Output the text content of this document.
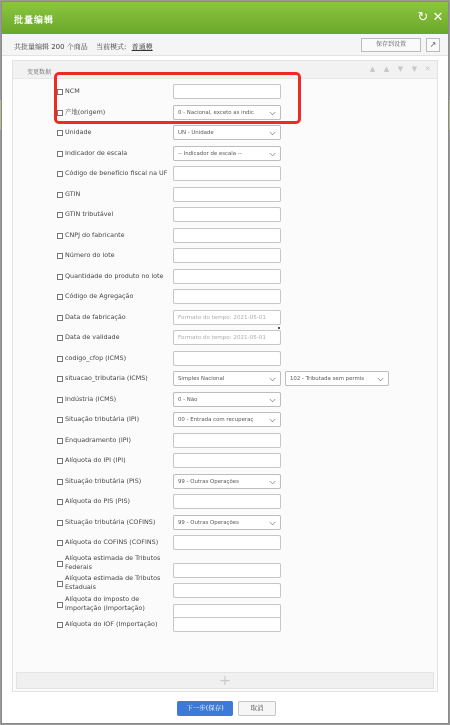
批量编辑	↻ ✕
共批量编辑 200 个商品 当前模式: 普通模	保存到设置	↗
变更数据	▲ ▲ ▼ ▼ ✕
NCM
产地(origem)	0 - Nacional, exceto as indic	⌵
Unidade	UN - Unidade	⌵
Indicador de escala	-- Indicador de escala --	⌵
Código de benefício fiscal na UF
GTIN
GTIN tributável
CNPJ do fabricante
Número do lote
Quantidade do produto no lote
Código de Agregação
Data de fabricação	Formato do tempo: 2021-05-01
Data de validade	Formato do tempo: 2021-05-01
codigo_cfop (ICMS)
situacao_tributaria (ICMS)	Simples Nacional	⌵	102 - Tributada sem permis	⌵
Indústria (ICMS)	0 - Não	⌵
Situação tributária (IPI)	00 - Entrada com recuperaç	⌵
Enquadramento (IPI)
Alíquota do IPI (IPI)
Situação tributária (PIS)	99 - Outras Operações	⌵
Alíquota do PIS (PIS)
Situação tributária (COFINS)	99 - Outras Operações	⌵
Alíquota do COFINS (COFINS)
Alíquota estimada de Tributos Federais
Alíquota estimada de Tributos Estaduais
Alíquota do imposto de importação (Importação)
Alíquota do IOF (Importação)
+
下一步(保存)	取消
